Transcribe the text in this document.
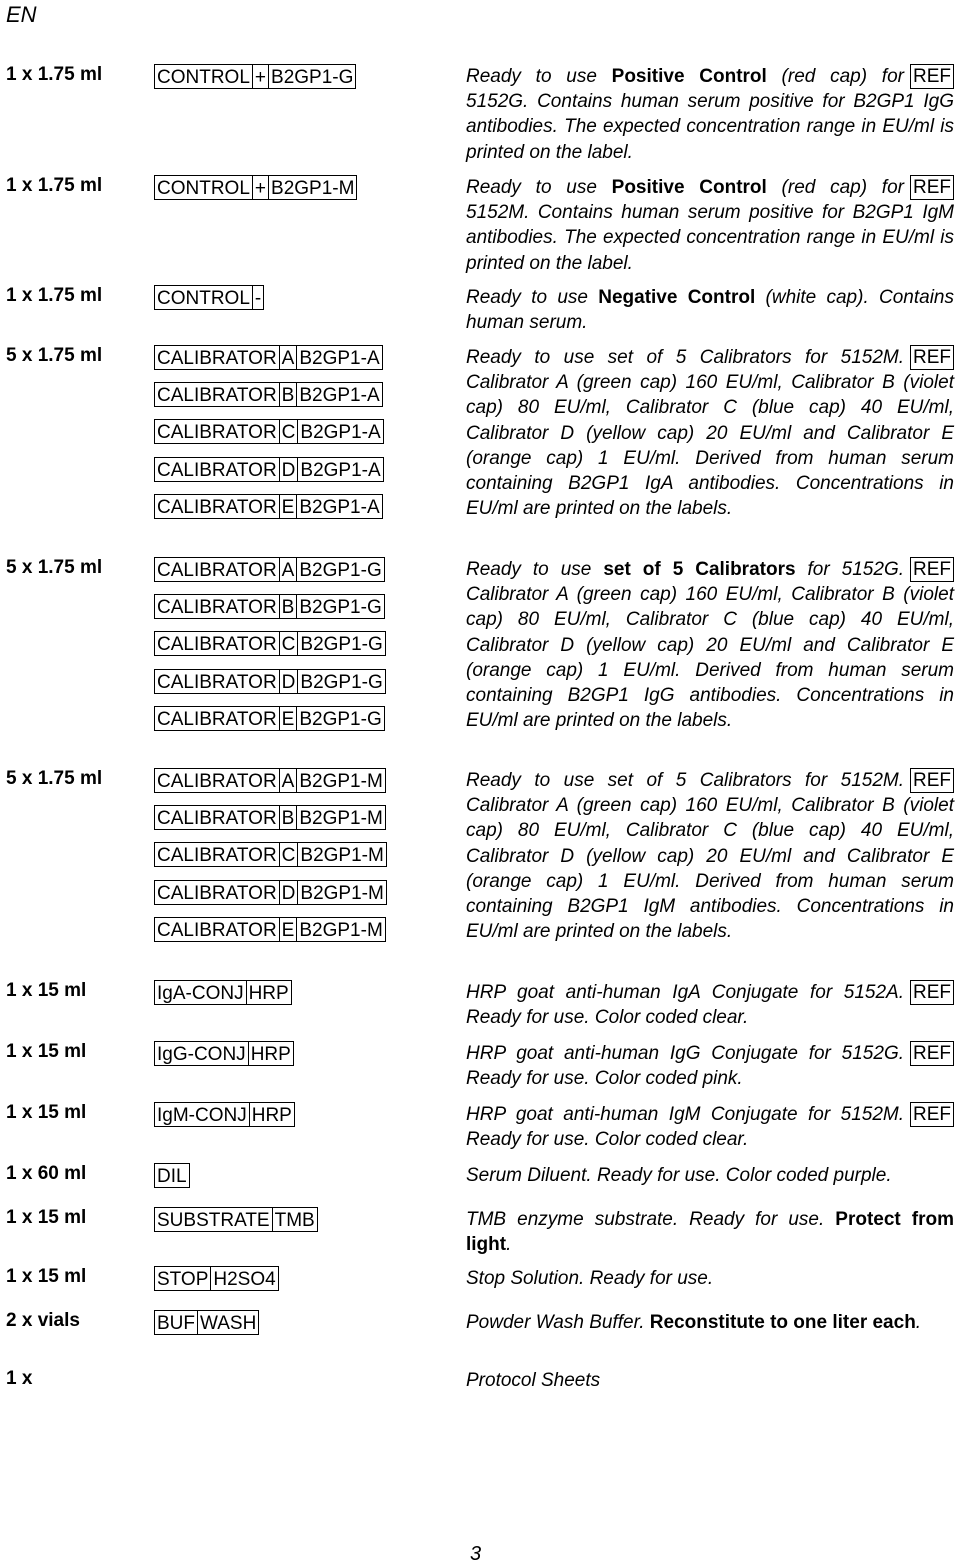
EN
1 x 1.75 ml	CONTROL + B2GP1-G	Ready to use Positive Control (red cap) for REF
5152G. Contains human serum positive for B2GP1 IgG antibodies. The expected concentration range in EU/ml is printed on the label.

1 x 1.75 ml	CONTROL + B2GP1-M	Ready to use Positive Control (red cap) for REF
5152M. Contains human serum positive for B2GP1 IgM antibodies. The expected concentration range in EU/ml is printed on the label.

1 x 1.75 ml	CONTROL -	Ready to use Negative Control (white cap). Contains human serum.

5 x 1.75 ml	CALIBRATOR A B2GP1-A
CALIBRATOR B B2GP1-A
CALIBRATOR C B2GP1-A
CALIBRATOR D B2GP1-A
CALIBRATOR E B2GP1-A

Ready to use set of 5 Calibrators for	REF
5152M. Calibrator A (green cap) 160 EU/ml, Calibrator B (violet cap) 80 EU/ml, Calibrator C (blue cap) 40 EU/ml, Calibrator D (yellow cap) 20 EU/ml and Calibrator E (orange cap) 1 EU/ml. Derived from human serum containing B2GP1 IgA antibodies. Concentrations in EU/ml are printed on the labels.

5 x 1.75 ml	CALIBRATOR A B2GP1-G
CALIBRATOR B B2GP1-G
CALIBRATOR C B2GP1-G
CALIBRATOR D B2GP1-G
CALIBRATOR E B2GP1-G

Ready to use set of 5 Calibrators for	REF
5152G. Calibrator A (green cap) 160 EU/ml, Calibrator B (violet cap) 80 EU/ml, Calibrator C (blue cap) 40 EU/ml, Calibrator D (yellow cap) 20 EU/ml and Calibrator E (orange cap) 1 EU/ml. Derived from human serum containing B2GP1 IgG antibodies. Concentrations in EU/ml are printed on the labels.

5 x 1.75 ml	CALIBRATOR A B2GP1-M
CALIBRATOR B B2GP1-M
CALIBRATOR C B2GP1-M
CALIBRATOR D B2GP1-M
CALIBRATOR E B2GP1-M

Ready to use set of 5 Calibrators for	REF
5152M. Calibrator A (green cap) 160 EU/ml, Calibrator B (violet cap) 80 EU/ml, Calibrator C (blue cap) 40 EU/ml, Calibrator D (yellow cap) 20 EU/ml and Calibrator E (orange cap) 1 EU/ml. Derived from human serum containing B2GP1 IgM antibodies. Concentrations in EU/ml are printed on the labels.

1 x 15 ml	IgA-CONJ HRP	HRP goat anti-human IgA Conjugate for	REF
5152A. Ready for use. Color coded clear.

1 x 15 ml	IgG-CONJ HRP	HRP goat anti-human IgG Conjugate for	REF
5152G. Ready for use. Color coded pink.

1 x 15 ml	IgM-CONJ HRP	HRP goat anti-human IgM Conjugate for	REF
5152M. Ready for use. Color coded clear.

1 x 60 ml	DIL	Serum Diluent. Ready for use. Color coded purple.

1 x 15 ml	SUBSTRATE TMB	TMB enzyme substrate. Ready for use. Protect from light.

1 x 15 ml	STOP H2SO4	Stop Solution. Ready for use.

2 x vials	BUF WASH	Powder Wash Buffer. Reconstitute to one liter each.

1 x	Protocol Sheets

3
